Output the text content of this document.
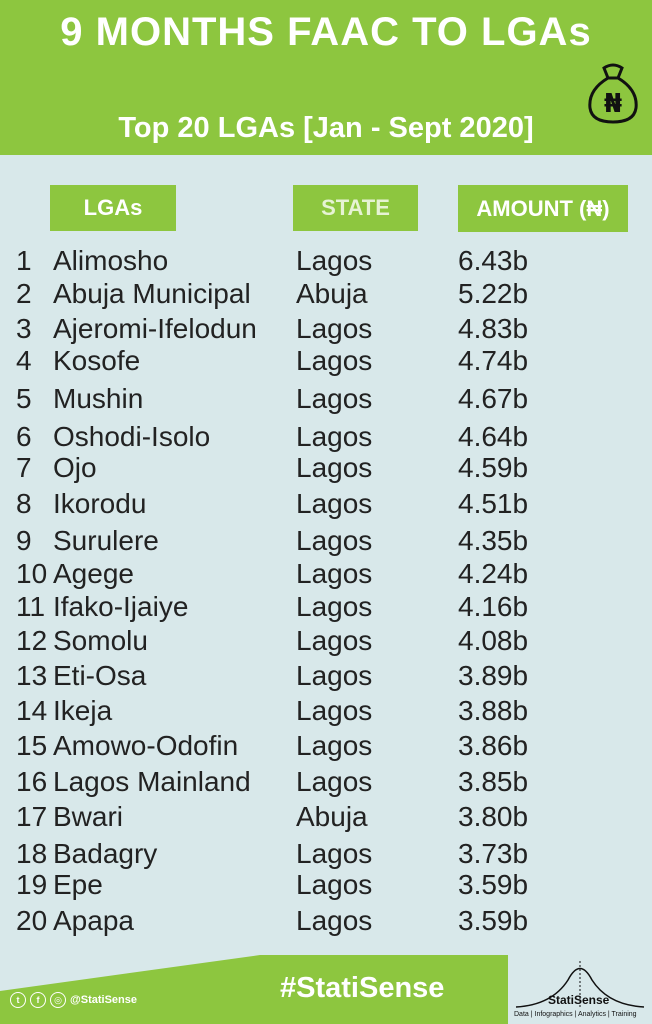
9 MONTHS FAAC TO LGAs
Top 20 LGAs [Jan - Sept 2020]
₦
LGAs	STATE	AMOUNT (₦)
1 Alimosho	Lagos	6.43b
2 Abuja Municipal Abuja	5.22b
3 Ajeromi-Ifelodun Lagos	4.83b
4 Kosofe	Lagos	4.74b
5 Mushin	Lagos	4.67b
6 Oshodi-Isolo	Lagos	4.64b
7 Ojo	Lagos	4.59b
8 Ikorodu	Lagos	4.51b
9 Surulere	Lagos	4.35b
10 Agege	Lagos	4.24b
11 Ifako-Ijaiye	Lagos	4.16b
12 Somolu	Lagos	4.08b
13 Eti-Osa	Lagos	3.89b
14 Ikeja	Lagos	3.88b
15 Amowo-Odofin Lagos	3.86b
16 Lagos Mainland Lagos	3.85b
17 Bwari	Abuja	3.80b
18 Badagry	Lagos	3.73b
19 Epe	Lagos	3.59b
20 Apapa	Lagos	3.59b
#StatiSense
t	f	◎ @StatiSense	StatiSense
Data | Infographics | Analytics | Training
